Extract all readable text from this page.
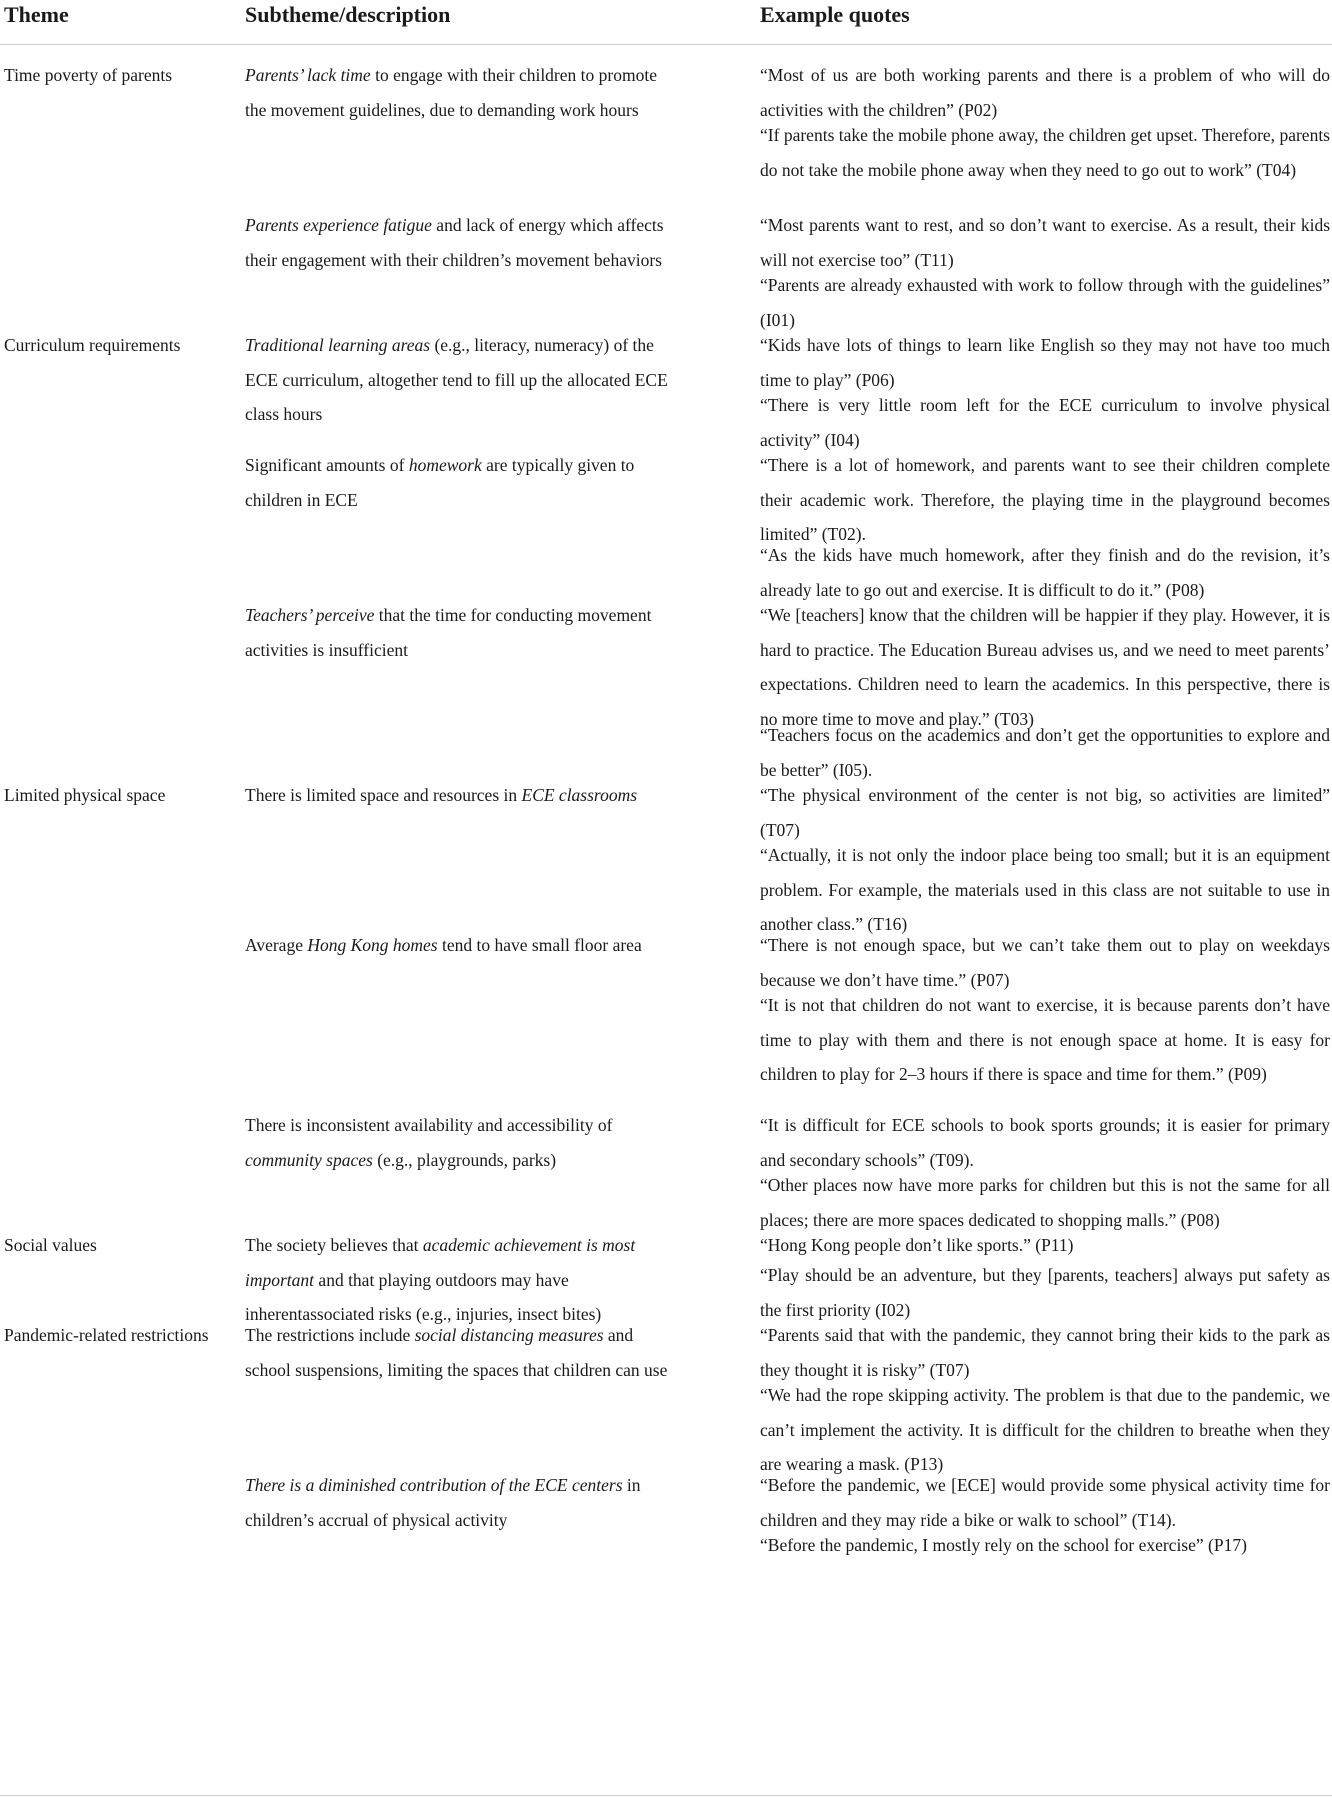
Theme	Subtheme/description	Example quotes
Time poverty of parents
Curriculum requirements
Limited physical space
Social values
Pandemic-related restrictions
Parents’ lack time to engage with their children to promote the movement guidelines, due to demanding work hours
Parents experience fatigue and lack of energy which affects their engagement with their children’s movement behaviors
Traditional learning areas (e.g., literacy, numeracy) of the ECE curriculum, altogether tend to fill up the allocated ECE class hours
Significant amounts of homework are typically given to children in ECE
Teachers’ perceive that the time for conducting movement activities is insufficient
There is limited space and resources in ECE classrooms
Average Hong Kong homes tend to have small floor area
There is inconsistent availability and accessibility of community spaces (e.g., playgrounds, parks)
The society believes that academic achievement is most important and that playing outdoors may have inherentassociated risks (e.g., injuries, insect bites)
The restrictions include social distancing measures and school suspensions, limiting the spaces that children can use
There is a diminished contribution of the ECE centers in children’s accrual of physical activity
“Most of us are both working parents and there is a problem of who will do activities with the children” (P02)
“If parents take the mobile phone away, the children get upset. Therefore, parents do not take the mobile phone away when they need to go out to work” (T04)
“Most parents want to rest, and so don’t want to exercise. As a result, their kids will not exercise too” (T11)
“Parents are already exhausted with work to follow through with the guidelines” (I01)
“Kids have lots of things to learn like English so they may not have too much time to play” (P06)
“There is very little room left for the ECE curriculum to involve physical activity” (I04)
“There is a lot of homework, and parents want to see their children complete their academic work. Therefore, the playing time in the playground becomes limited” (T02).
“As the kids have much homework, after they finish and do the revision, it’s already late to go out and exercise. It is difficult to do it.” (P08)
“We [teachers] know that the children will be happier if they play. However, it is hard to practice. The Education Bureau advises us, and we need to meet parents’ expectations. Children need to learn the academics. In this perspective, there is no more time to move and play.” (T03)
“Teachers focus on the academics and don’t get the opportunities to explore and be better” (I05).
“The physical environment of the center is not big, so activities are limited” (T07)
“Actually, it is not only the indoor place being too small; but it is an equipment problem. For example, the materials used in this class are not suitable to use in another class.” (T16)
“There is not enough space, but we can’t take them out to play on weekdays because we don’t have time.” (P07)
“It is not that children do not want to exercise, it is because parents don’t have time to play with them and there is not enough space at home. It is easy for children to play for 2–3 hours if there is space and time for them.” (P09)
“It is difficult for ECE schools to book sports grounds; it is easier for primary and secondary schools” (T09).
“Other places now have more parks for children but this is not the same for all places; there are more spaces dedicated to shopping malls.” (P08)
“Hong Kong people don’t like sports.” (P11)
“Play should be an adventure, but they [parents, teachers] always put safety as the first priority (I02)
“Parents said that with the pandemic, they cannot bring their kids to the park as they thought it is risky” (T07)
“We had the rope skipping activity. The problem is that due to the pandemic, we can’t implement the activity. It is difficult for the children to breathe when they are wearing a mask. (P13)
“Before the pandemic, we [ECE] would provide some physical activity time for children and they may ride a bike or walk to school” (T14).
“Before the pandemic, I mostly rely on the school for exercise” (P17)
